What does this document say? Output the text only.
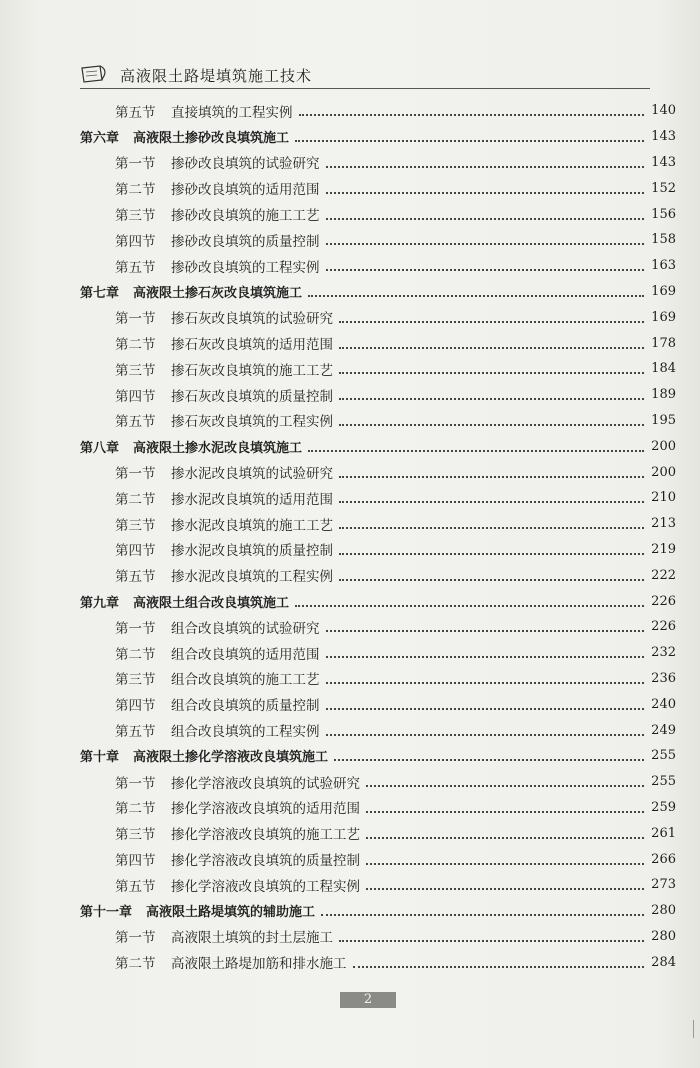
高液限土路堤填筑施工技术
第五节	直接填筑的工程实例	140
第六章 高液限土掺砂改良填筑施工	143
第一节	掺砂改良填筑的试验研究	143
第二节	掺砂改良填筑的适用范围	152
第三节	掺砂改良填筑的施工工艺	156
第四节	掺砂改良填筑的质量控制	158
第五节	掺砂改良填筑的工程实例	163
第七章 高液限土掺石灰改良填筑施工	169
第一节	掺石灰改良填筑的试验研究	169
第二节	掺石灰改良填筑的适用范围	178
第三节	掺石灰改良填筑的施工工艺	184
第四节	掺石灰改良填筑的质量控制	189
第五节	掺石灰改良填筑的工程实例	195
第八章 高液限土掺水泥改良填筑施工	200
第一节	掺水泥改良填筑的试验研究	200
第二节	掺水泥改良填筑的适用范围	210
第三节	掺水泥改良填筑的施工工艺	213
第四节	掺水泥改良填筑的质量控制	219
第五节	掺水泥改良填筑的工程实例	222
第九章 高液限土组合改良填筑施工	226
第一节	组合改良填筑的试验研究	226
第二节	组合改良填筑的适用范围	232
第三节	组合改良填筑的施工工艺	236
第四节	组合改良填筑的质量控制	240
第五节	组合改良填筑的工程实例	249
第十章 高液限土掺化学溶液改良填筑施工	255
第一节	掺化学溶液改良填筑的试验研究	255
第二节	掺化学溶液改良填筑的适用范围	259
第三节	掺化学溶液改良填筑的施工工艺	261
第四节	掺化学溶液改良填筑的质量控制	266
第五节	掺化学溶液改良填筑的工程实例	273
第十一章 高液限土路堤填筑的辅助施工	280
第一节	高液限土填筑的封土层施工	280
第二节	高液限土路堤加筋和排水施工	284
2
